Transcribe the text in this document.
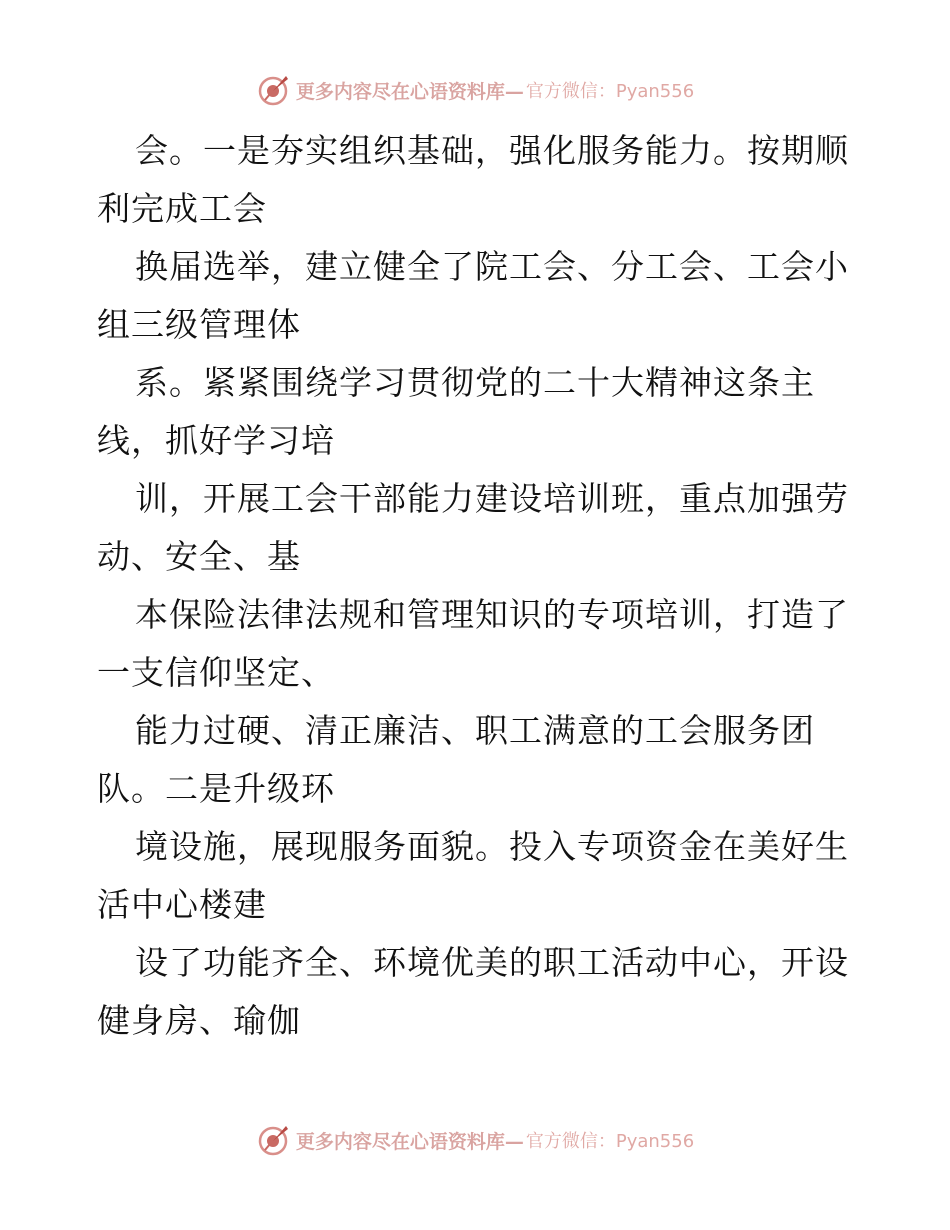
更多内容尽在心语资料库— 官方微信：Pyan556
会。一是夯实组织基础，强化服务能力。按期顺
利完成工会
换届选举，建立健全了院工会、分工会、工会小
组三级管理体
系。紧紧围绕学习贯彻党的二十大精神这条主
线，抓好学习培
训，开展工会干部能力建设培训班，重点加强劳
动、安全、基
本保险法律法规和管理知识的专项培训，打造了
一支信仰坚定、
能力过硬、清正廉洁、职工满意的工会服务团
队。二是升级环
境设施，展现服务面貌。投入专项资金在美好生
活中心楼建
设了功能齐全、环境优美的职工活动中心，开设
健身房、瑜伽
更多内容尽在心语资料库— 官方微信：Pyan556
